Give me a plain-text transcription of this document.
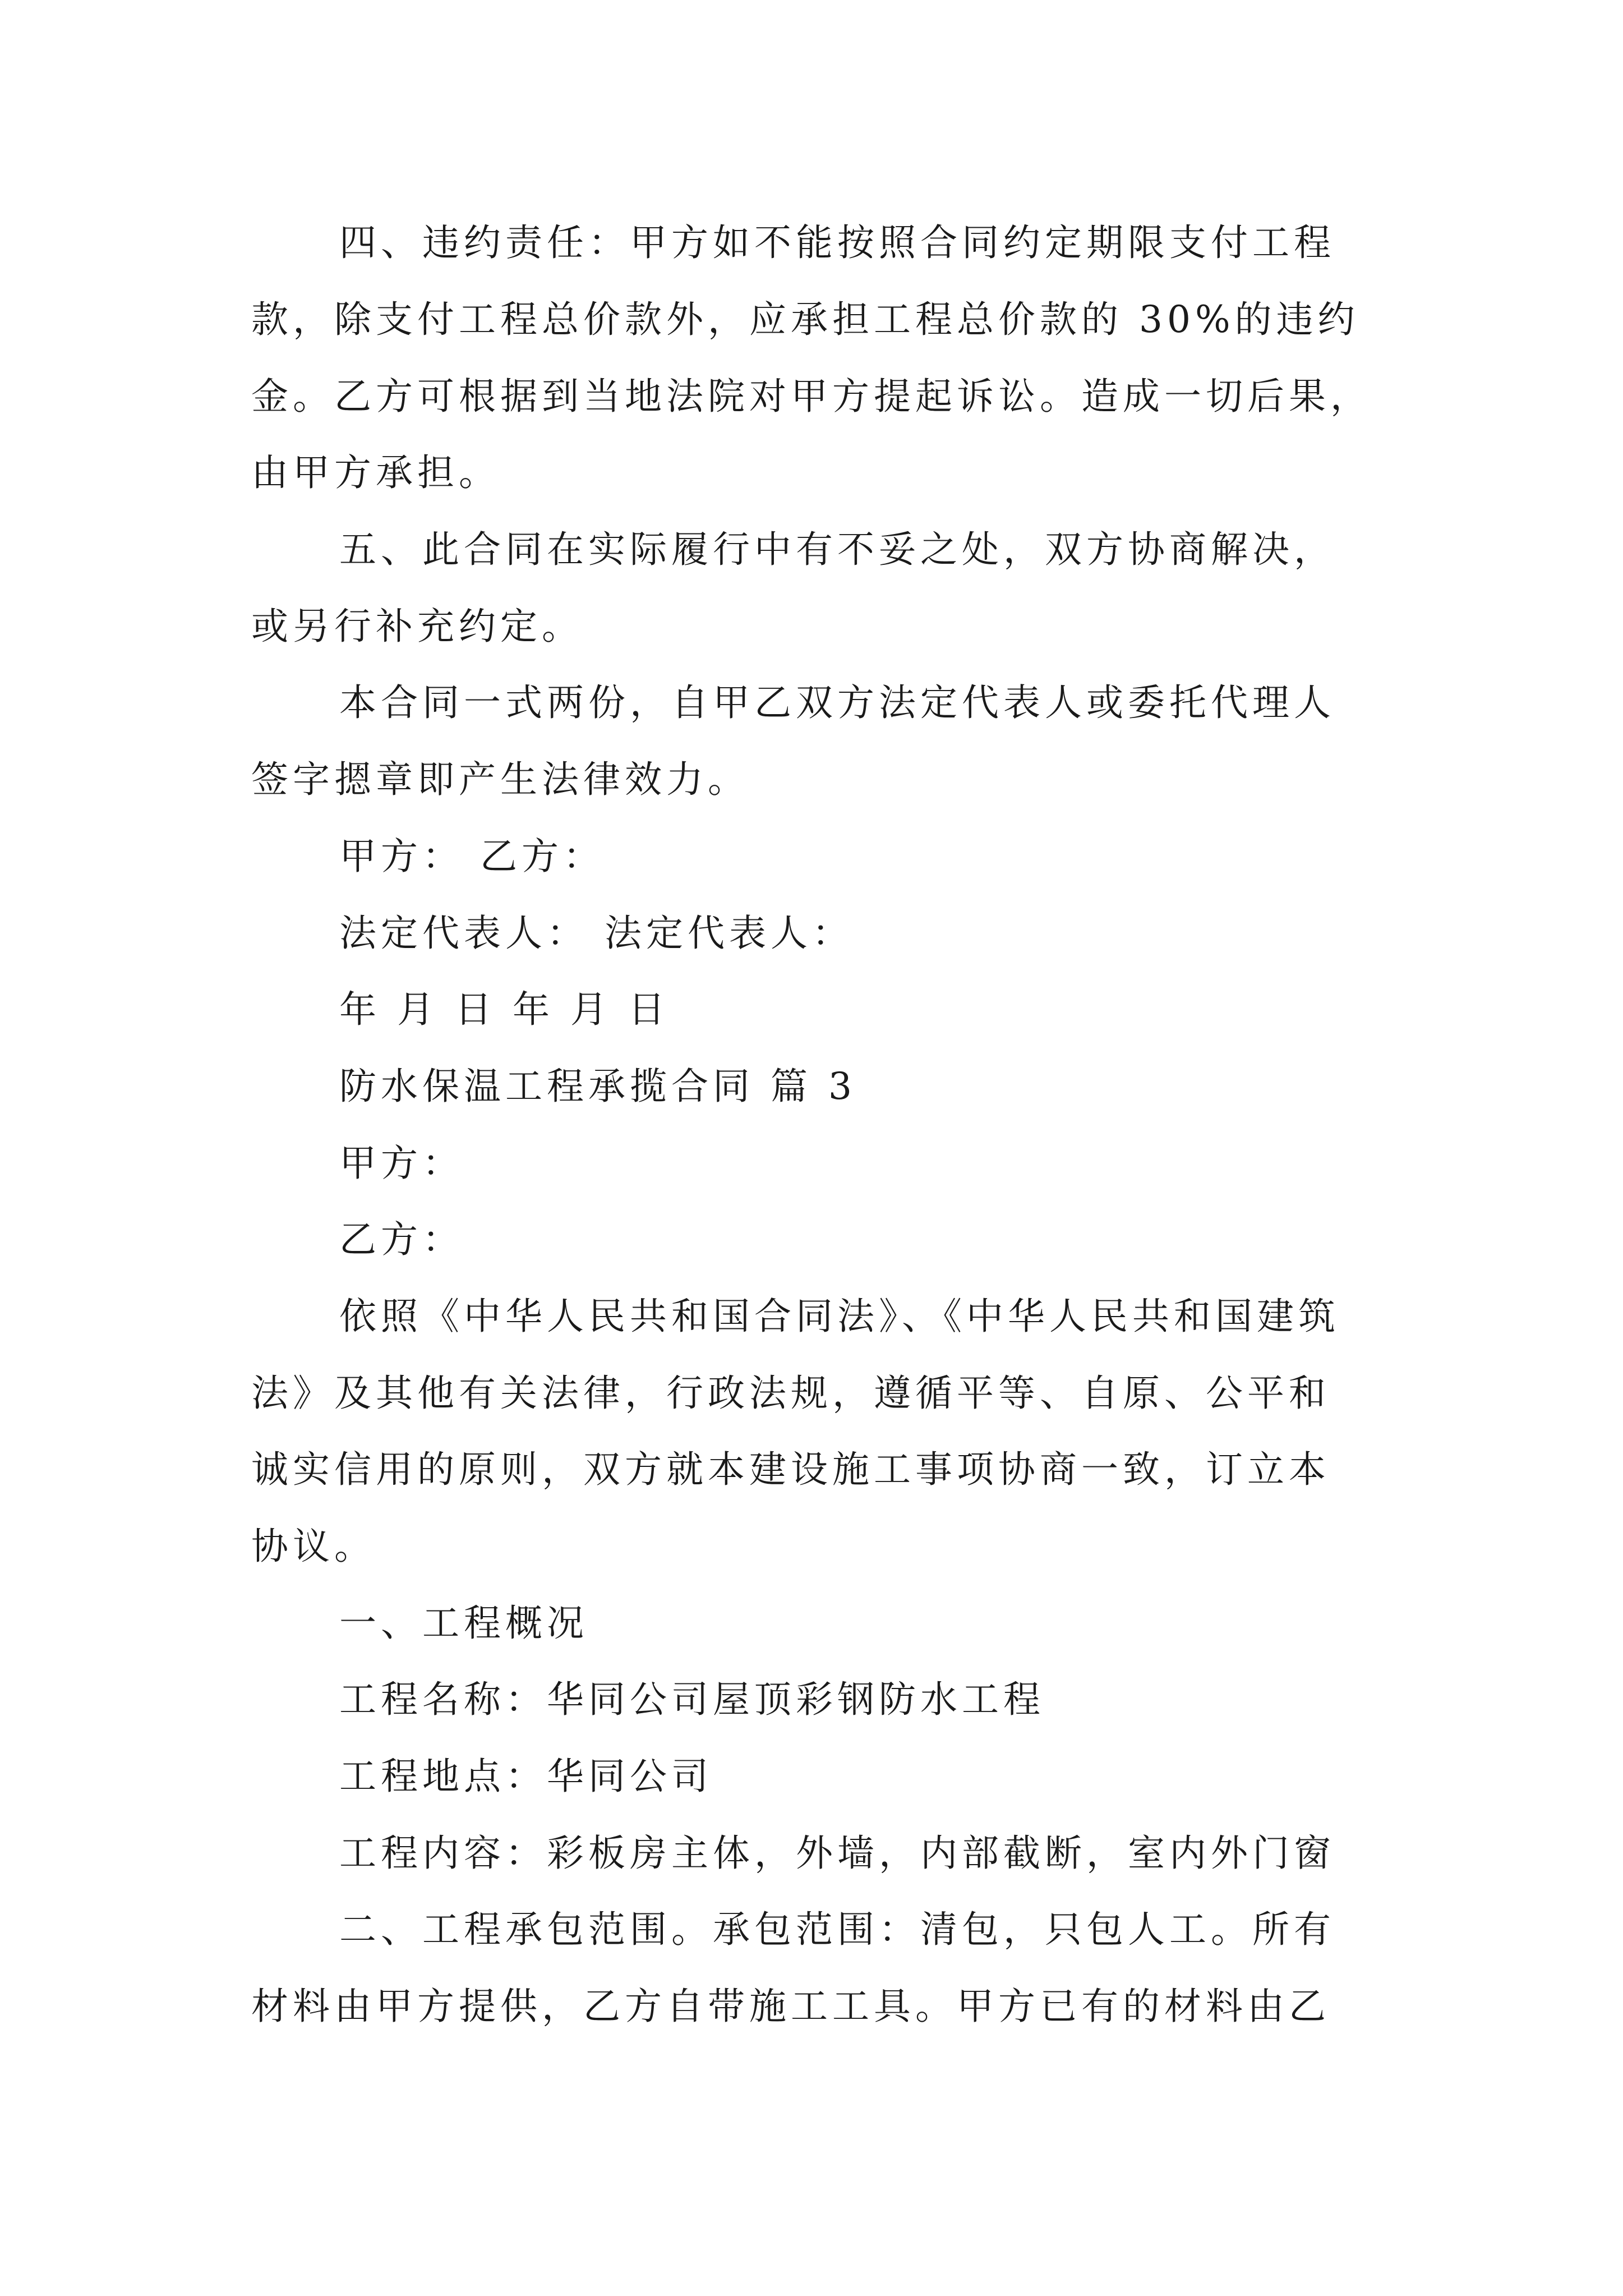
四、违约责任：甲方如不能按照合同约定期限支付工程
款，除支付工程总价款外，应承担工程总价款的 30%的违约
金。乙方可根据到当地法院对甲方提起诉讼。造成一切后果，
由甲方承担。
五、此合同在实际履行中有不妥之处，双方协商解决，
或另行补充约定。
本合同一式两份，自甲乙双方法定代表人或委托代理人
签字摁章即产生法律效力。
甲方： 乙方：
法定代表人： 法定代表人：
年 月 日 年 月 日
防水保温工程承揽合同 篇 3
甲方：
乙方：
依照《中华人民共和国合同法》、《中华人民共和国建筑
法》及其他有关法律，行政法规，遵循平等、自原、公平和
诚实信用的原则，双方就本建设施工事项协商一致，订立本
协议。
一、工程概况
工程名称：华同公司屋顶彩钢防水工程
工程地点：华同公司
工程内容：彩板房主体，外墙，内部截断，室内外门窗
二、工程承包范围。承包范围：清包，只包人工。所有
材料由甲方提供，乙方自带施工工具。甲方已有的材料由乙
